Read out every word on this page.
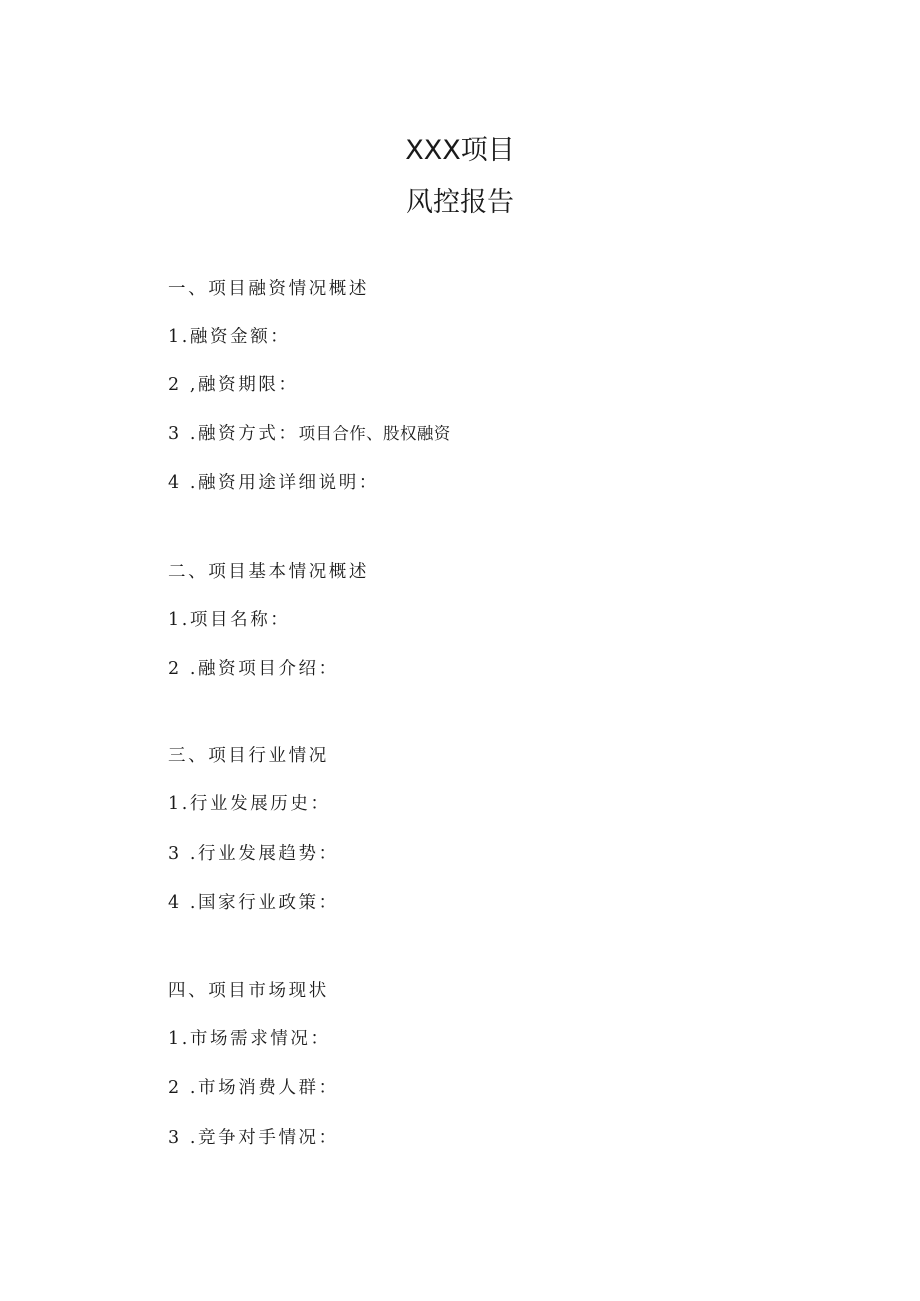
XXX项目
风控报告
一、项目融资情况概述
1.融资金额：
2 ,融资期限：
3 .融资方式：项目合作、股权融资
4 .融资用途详细说明：
二、项目基本情况概述
1.项目名称：
2 .融资项目介绍：
三、项目行业情况
1.行业发展历史：
3 .行业发展趋势：
4 .国家行业政策：
四、项目市场现状
1.市场需求情况：
2 .市场消费人群：
3 .竞争对手情况：
